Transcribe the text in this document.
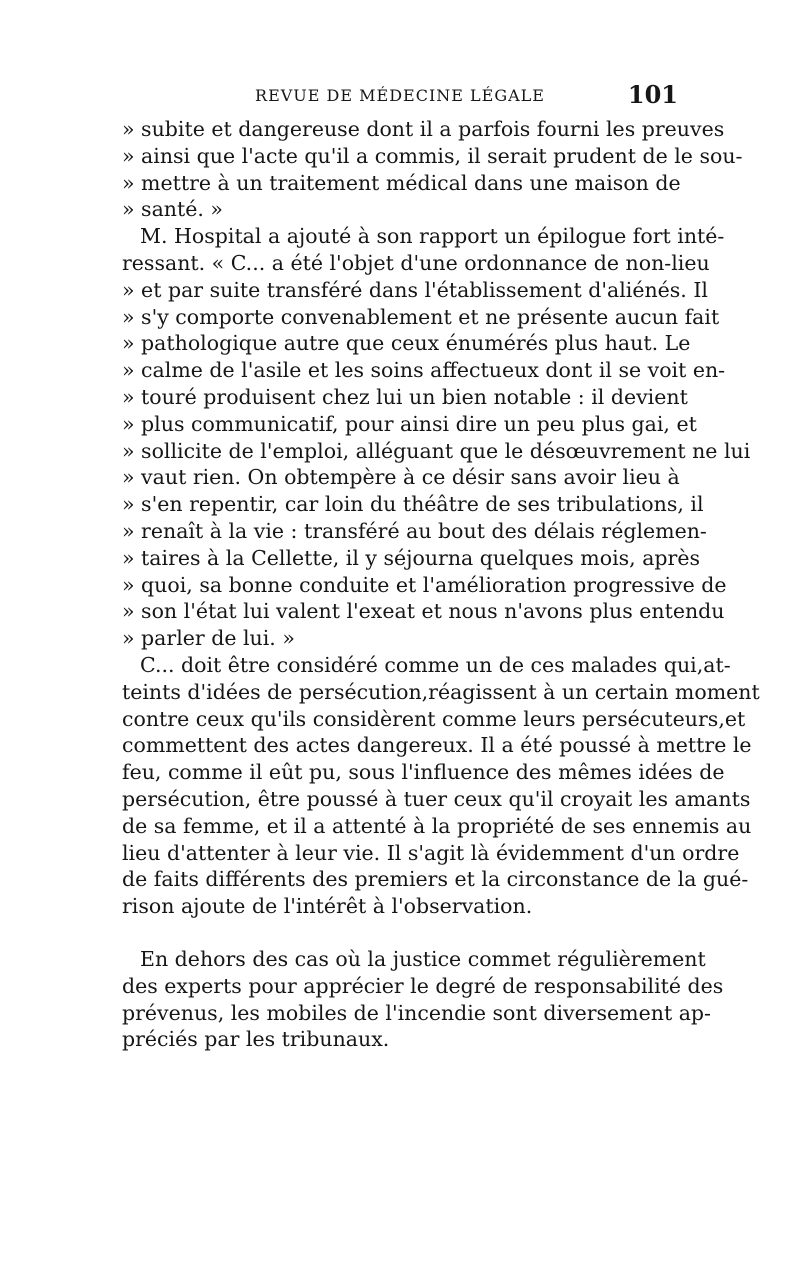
REVUE DE MÉDECINE LÉGALE	101
» subite et dangereuse dont il a parfois fourni les preuves
» ainsi que l'acte qu'il a commis, il serait prudent de le sou-
» mettre à un traitement médical dans une maison de
» santé. »
M. Hospital a ajouté à son rapport un épilogue fort inté-
ressant. « C... a été l'objet d'une ordonnance de non-lieu
» et par suite transféré dans l'établissement d'aliénés. Il
» s'y comporte convenablement et ne présente aucun fait
» pathologique autre que ceux énumérés plus haut. Le
» calme de l'asile et les soins affectueux dont il se voit en-
» touré produisent chez lui un bien notable : il devient
» plus communicatif, pour ainsi dire un peu plus gai, et
» sollicite de l'emploi, alléguant que le désœuvrement ne lui
» vaut rien. On obtempère à ce désir sans avoir lieu à
» s'en repentir, car loin du théâtre de ses tribulations, il
» renaît à la vie : transféré au bout des délais réglemen-
» taires à la Cellette, il y séjourna quelques mois, après
» quoi, sa bonne conduite et l'amélioration progressive de
» son l'état lui valent l'exeat et nous n'avons plus entendu
» parler de lui. »
C... doit être considéré comme un de ces malades qui,at-
teints d'idées de persécution,réagissent à un certain moment
contre ceux qu'ils considèrent comme leurs persécuteurs,et
commettent des actes dangereux. Il a été poussé à mettre le
feu, comme il eût pu, sous l'influence des mêmes idées de
persécution, être poussé à tuer ceux qu'il croyait les amants
de sa femme, et il a attenté à la propriété de ses ennemis au
lieu d'attenter à leur vie. Il s'agit là évidemment d'un ordre
de faits différents des premiers et la circonstance de la gué-
rison ajoute de l'intérêt à l'observation.
En dehors des cas où la justice commet régulièrement
des experts pour apprécier le degré de responsabilité des
prévenus, les mobiles de l'incendie sont diversement ap-
préciés par les tribunaux.
